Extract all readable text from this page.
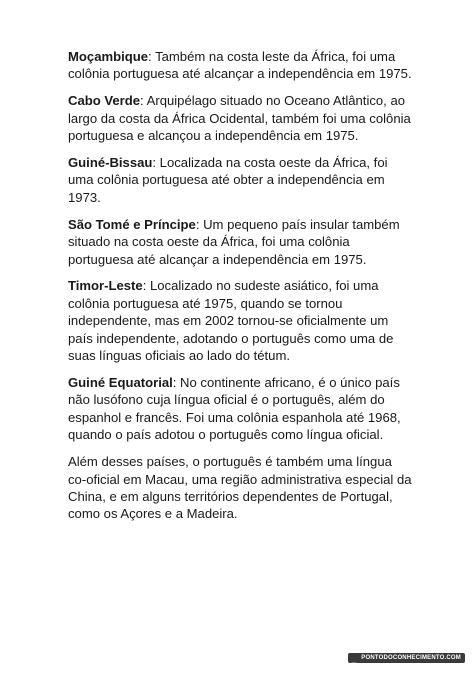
Moçambique: Também na costa leste da África, foi uma colônia portuguesa até alcançar a independência em 1975.

Cabo Verde: Arquipélago situado no Oceano Atlântico, ao largo da costa da África Ocidental, também foi uma colônia portuguesa e alcançou a independência em 1975.

Guiné-Bissau: Localizada na costa oeste da África, foi uma colônia portuguesa até obter a independência em 1973.

São Tomé e Príncipe: Um pequeno país insular também situado na costa oeste da África, foi uma colônia portuguesa até alcançar a independência em 1975.

Timor-Leste: Localizado no sudeste asiático, foi uma colônia portuguesa até 1975, quando se tornou independente, mas em 2002 tornou-se oficialmente um país independente, adotando o português como uma de suas línguas oficiais ao lado do tétum.

Guiné Equatorial: No continente africano, é o único país não lusófono cuja língua oficial é o português, além do espanhol e francês. Foi uma colônia espanhola até 1968, quando o país adotou o português como língua oficial.

Além desses países, o português é também uma língua co-oficial em Macau, uma região administrativa especial da China, e em alguns territórios dependentes de Portugal, como os Açores e a Madeira.

PONTODOCONHECIMENTO.COM
